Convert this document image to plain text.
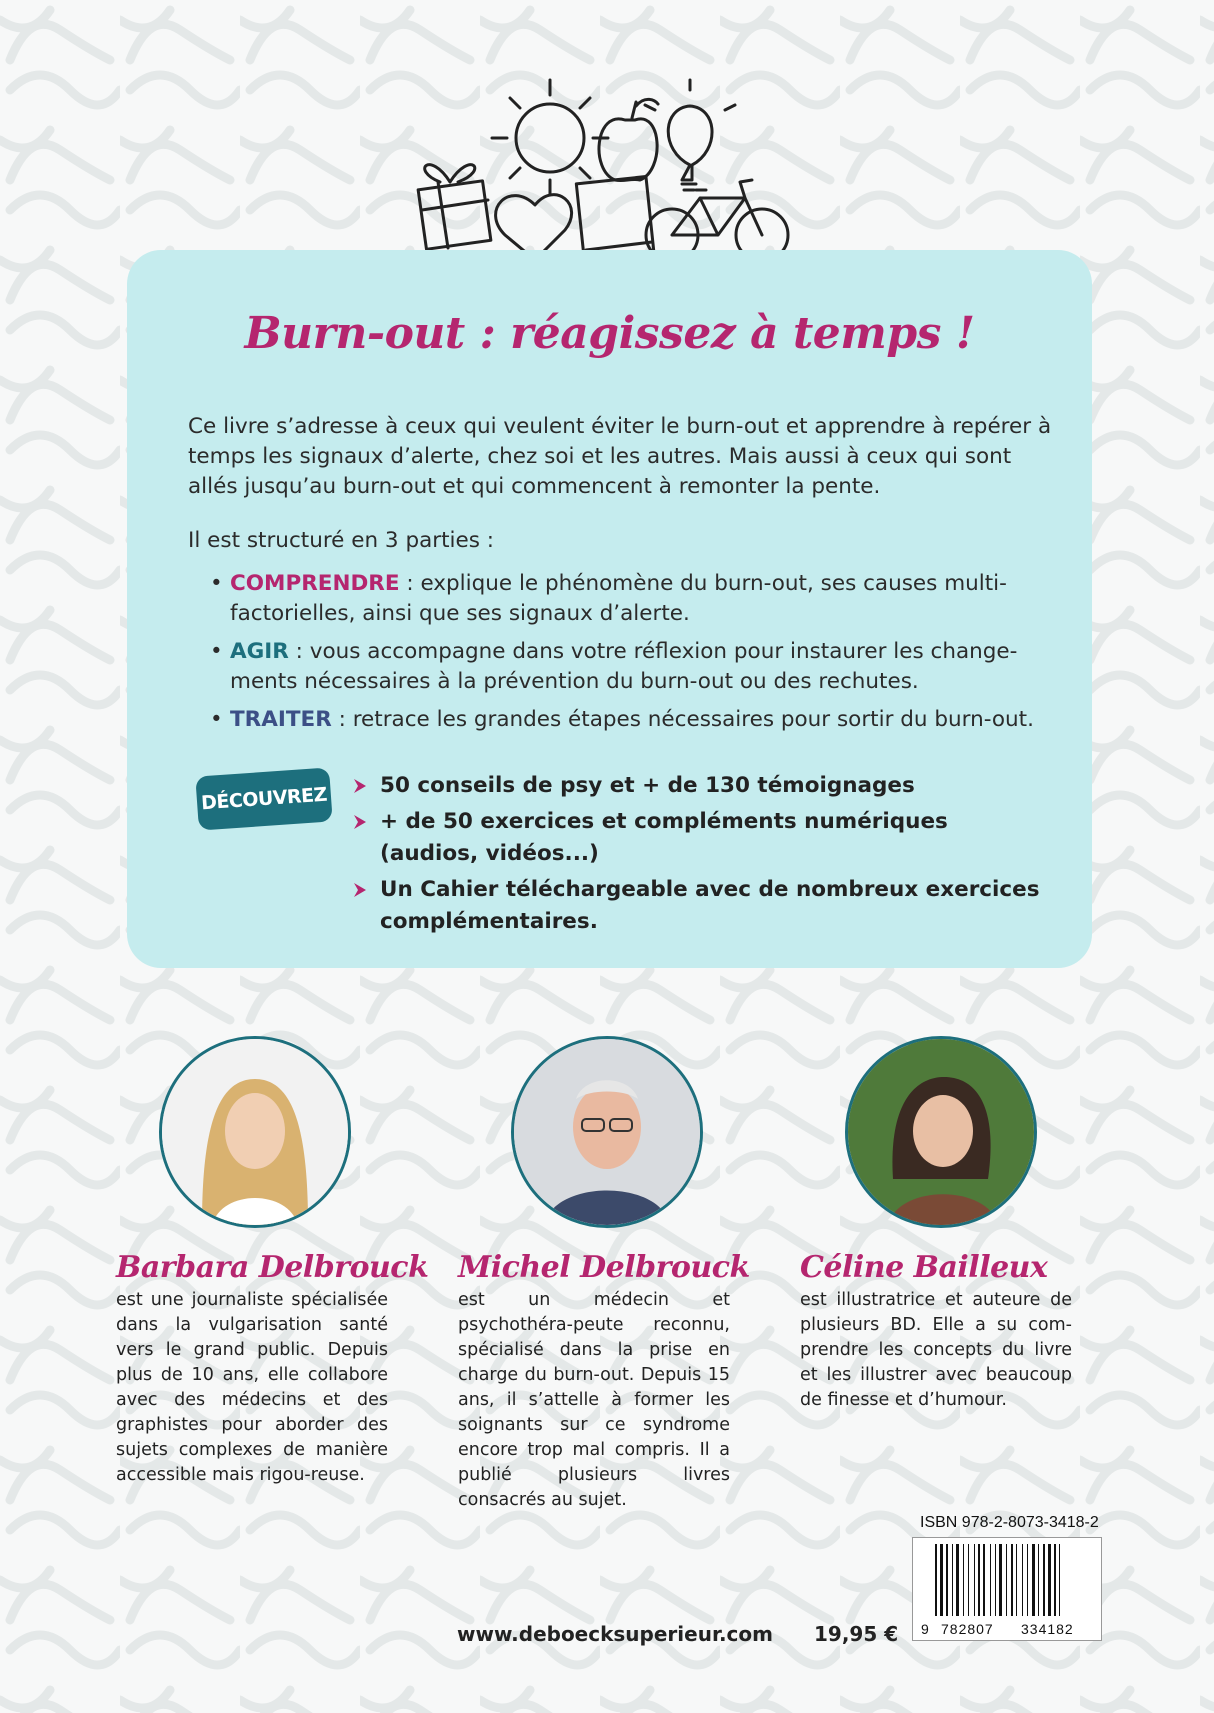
Burn-out : réagissez à temps !
Ce livre s’adresse à ceux qui veulent éviter le burn-out et apprendre à repérer à temps les signaux d’alerte, chez soi et les autres. Mais aussi à ceux qui sont allés jusqu’au burn-out et qui commencent à remonter la pente.
Il est structuré en 3 parties :
• COMPRENDRE : explique le phénomène du burn-out, ses causes multi-factorielles, ainsi que ses signaux d’alerte.
• AGIR : vous accompagne dans votre réflexion pour instaurer les change-ments nécessaires à la prévention du burn-out ou des rechutes.
• TRAITER : retrace les grandes étapes nécessaires pour sortir du burn-out.
DÉCOUVREZ	50 conseils de psy et + de 130 témoignages
+ de 50 exercices et compléments numériques (audios, vidéos...)
Un Cahier téléchargeable avec de nombreux exercices complémentaires.
Barbara Delbrouck
est une journaliste spécialisée dans la vulgarisation santé vers le grand public. Depuis plus de 10 ans, elle collabore avec des médecins et des graphistes pour aborder des sujets complexes de manière accessible mais rigou-reuse.
Michel Delbrouck
est un médecin et psychothéra-peute reconnu, spécialisé dans la prise en charge du burn-out. Depuis 15 ans, il s’attelle à former les soignants sur ce syndrome encore trop mal compris. Il a publié plusieurs livres consacrés au sujet.
Céline Bailleux
est illustratrice et auteure de plusieurs BD. Elle a su com-prendre les concepts du livre et les illustrer avec beaucoup de finesse et d’humour.
ISBN 978-2-8073-3418-2
9 782807 334182
www.deboecksuperieur.com 19,95 €
